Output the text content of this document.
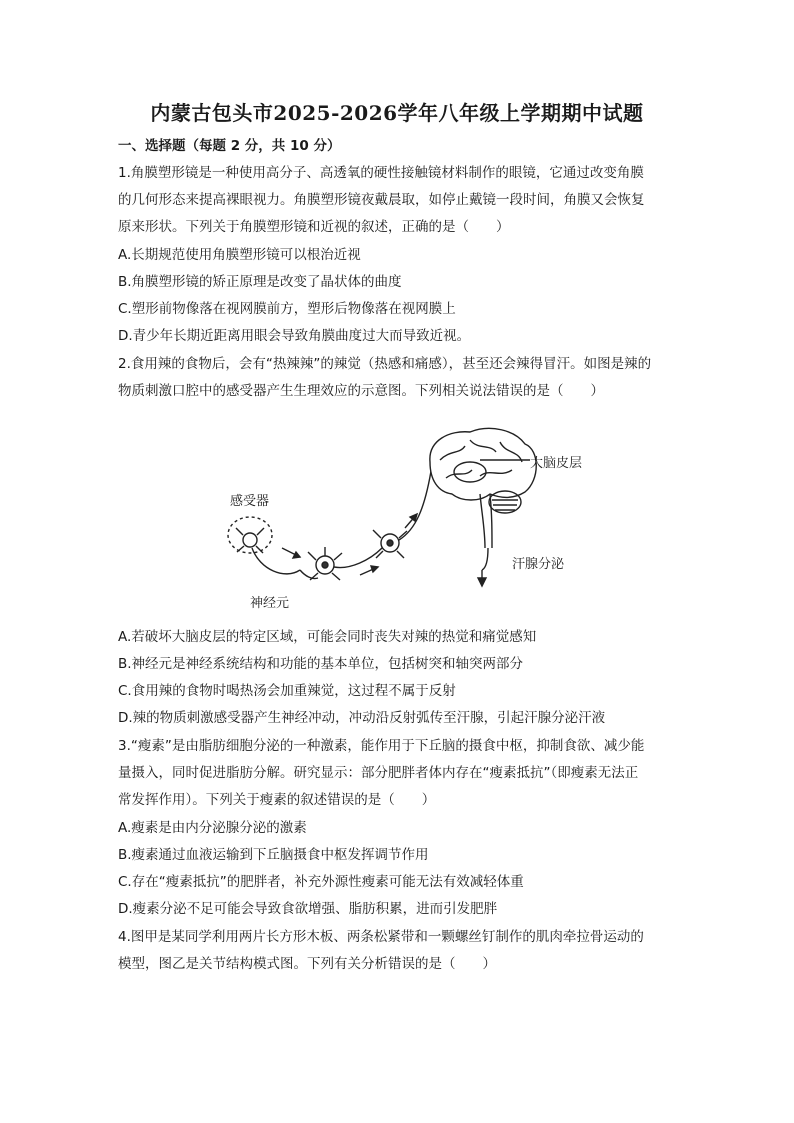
内蒙古包头市2025-2026学年八年级上学期期中试题
一、选择题（每题 2 分，共 10 分）
1.角膜塑形镜是一种使用高分子、高透氧的硬性接触镜材料制作的眼镜，它通过改变角膜
的几何形态来提高裸眼视力。角膜塑形镜夜戴晨取，如停止戴镜一段时间，角膜又会恢复
原来形状。下列关于角膜塑形镜和近视的叙述，正确的是（　　）
A.长期规范使用角膜塑形镜可以根治近视
B.角膜塑形镜的矫正原理是改变了晶状体的曲度
C.塑形前物像落在视网膜前方，塑形后物像落在视网膜上
D.青少年长期近距离用眼会导致角膜曲度过大而导致近视。
2.食用辣的食物后，会有“热辣辣”的辣觉（热感和痛感），甚至还会辣得冒汗。如图是辣的
物质刺激口腔中的感受器产生生理效应的示意图。下列相关说法错误的是（　　）
感受器
神经元
大脑皮层
汗腺分泌
A.若破坏大脑皮层的特定区域，可能会同时丧失对辣的热觉和痛觉感知
B.神经元是神经系统结构和功能的基本单位，包括树突和轴突两部分
C.食用辣的食物时喝热汤会加重辣觉，这过程不属于反射
D.辣的物质刺激感受器产生神经冲动，冲动沿反射弧传至汗腺，引起汗腺分泌汗液
3.“瘦素”是由脂肪细胞分泌的一种激素，能作用于下丘脑的摄食中枢，抑制食欲、减少能
量摄入，同时促进脂肪分解。研究显示：部分肥胖者体内存在“瘦素抵抗”（即瘦素无法正
常发挥作用）。下列关于瘦素的叙述错误的是（　　）
A.瘦素是由内分泌腺分泌的激素
B.瘦素通过血液运输到下丘脑摄食中枢发挥调节作用
C.存在“瘦素抵抗”的肥胖者，补充外源性瘦素可能无法有效减轻体重
D.瘦素分泌不足可能会导致食欲增强、脂肪积累，进而引发肥胖
4.图甲是某同学利用两片长方形木板、两条松紧带和一颗螺丝钉制作的肌肉牵拉骨运动的
模型，图乙是关节结构模式图。下列有关分析错误的是（　　）
